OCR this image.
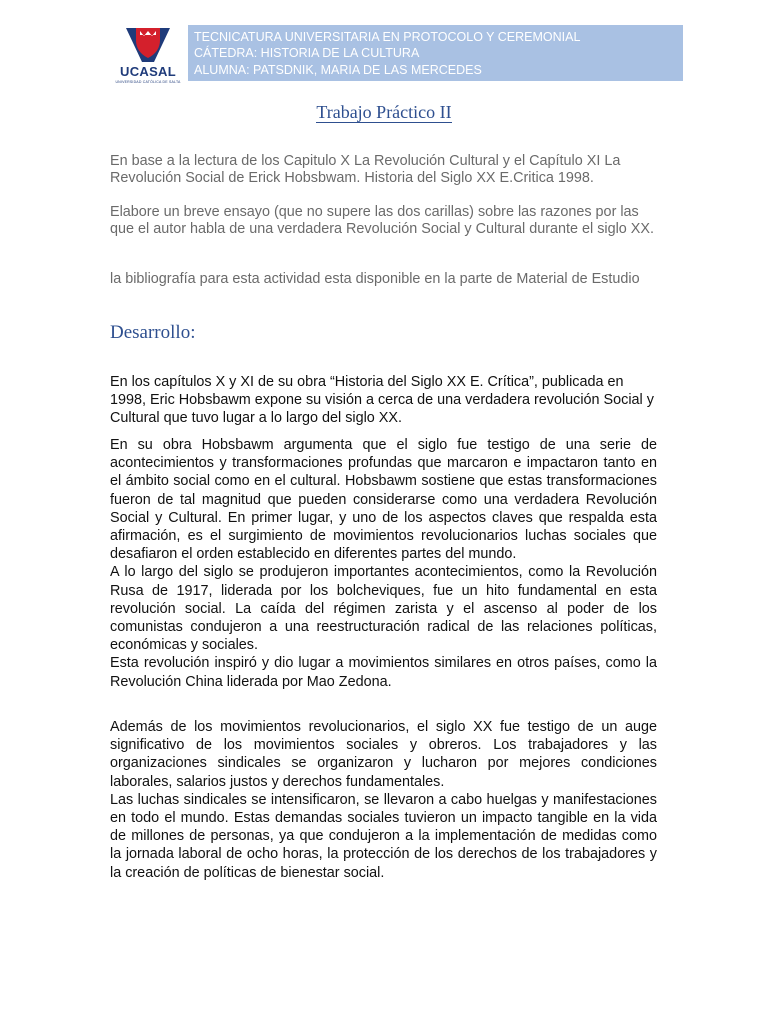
UCASAL
UNIVERSIDAD CATÓLICA DE SALTA
TECNICATURA UNIVERSITARIA EN PROTOCOLO Y CEREMONIAL
CÁTEDRA: HISTORIA DE LA CULTURA
ALUMNA: PATSDNIK, MARIA DE LAS MERCEDES
Trabajo Práctico II
En base a la lectura de los Capitulo X La Revolución Cultural y el Capítulo XI La Revolución Social de Erick Hobsbwam. Historia del Siglo XX E.Critica 1998.
Elabore un breve ensayo (que no supere las dos carillas) sobre las razones por las que el autor habla de una verdadera Revolución Social y Cultural durante el siglo XX.
la bibliografía para esta actividad esta disponible en la parte de Material de Estudio
Desarrollo:

En los capítulos X y XI de su obra “Historia del Siglo XX E. Crítica”, publicada en 1998, Eric Hobsbawm expone su visión a cerca de una verdadera revolución Social y Cultural que tuvo lugar a lo largo del siglo XX.

En su obra Hobsbawm argumenta que el siglo fue testigo de una serie de acontecimientos y transformaciones profundas que marcaron e impactaron tanto en el ámbito social como en el cultural. Hobsbawm sostiene que estas transformaciones fueron de tal magnitud que pueden considerarse como una verdadera Revolución Social y Cultural. En primer lugar, y uno de los aspectos claves que respalda esta afirmación, es el surgimiento de movimientos revolucionarios luchas sociales que desafiaron el orden establecido en diferentes partes del mundo.

A lo largo del siglo se produjeron importantes acontecimientos, como la Revolución Rusa de 1917, liderada por los bolcheviques, fue un hito fundamental en esta revolución social. La caída del régimen zarista y el ascenso al poder de los comunistas condujeron a una reestructuración radical de las relaciones políticas, económicas y sociales.

Esta revolución inspiró y dio lugar a movimientos similares en otros países, como la Revolución China liderada por Mao Zedona.

Además de los movimientos revolucionarios, el siglo XX fue testigo de un auge significativo de los movimientos sociales y obreros. Los trabajadores y las organizaciones sindicales se organizaron y lucharon por mejores condiciones laborales, salarios justos y derechos fundamentales.

Las luchas sindicales se intensificaron, se llevaron a cabo huelgas y manifestaciones en todo el mundo. Estas demandas sociales tuvieron un impacto tangible en la vida de millones de personas, ya que condujeron a la implementación de medidas como la jornada laboral de ocho horas, la protección de los derechos de los trabajadores y la creación de políticas de bienestar social.
